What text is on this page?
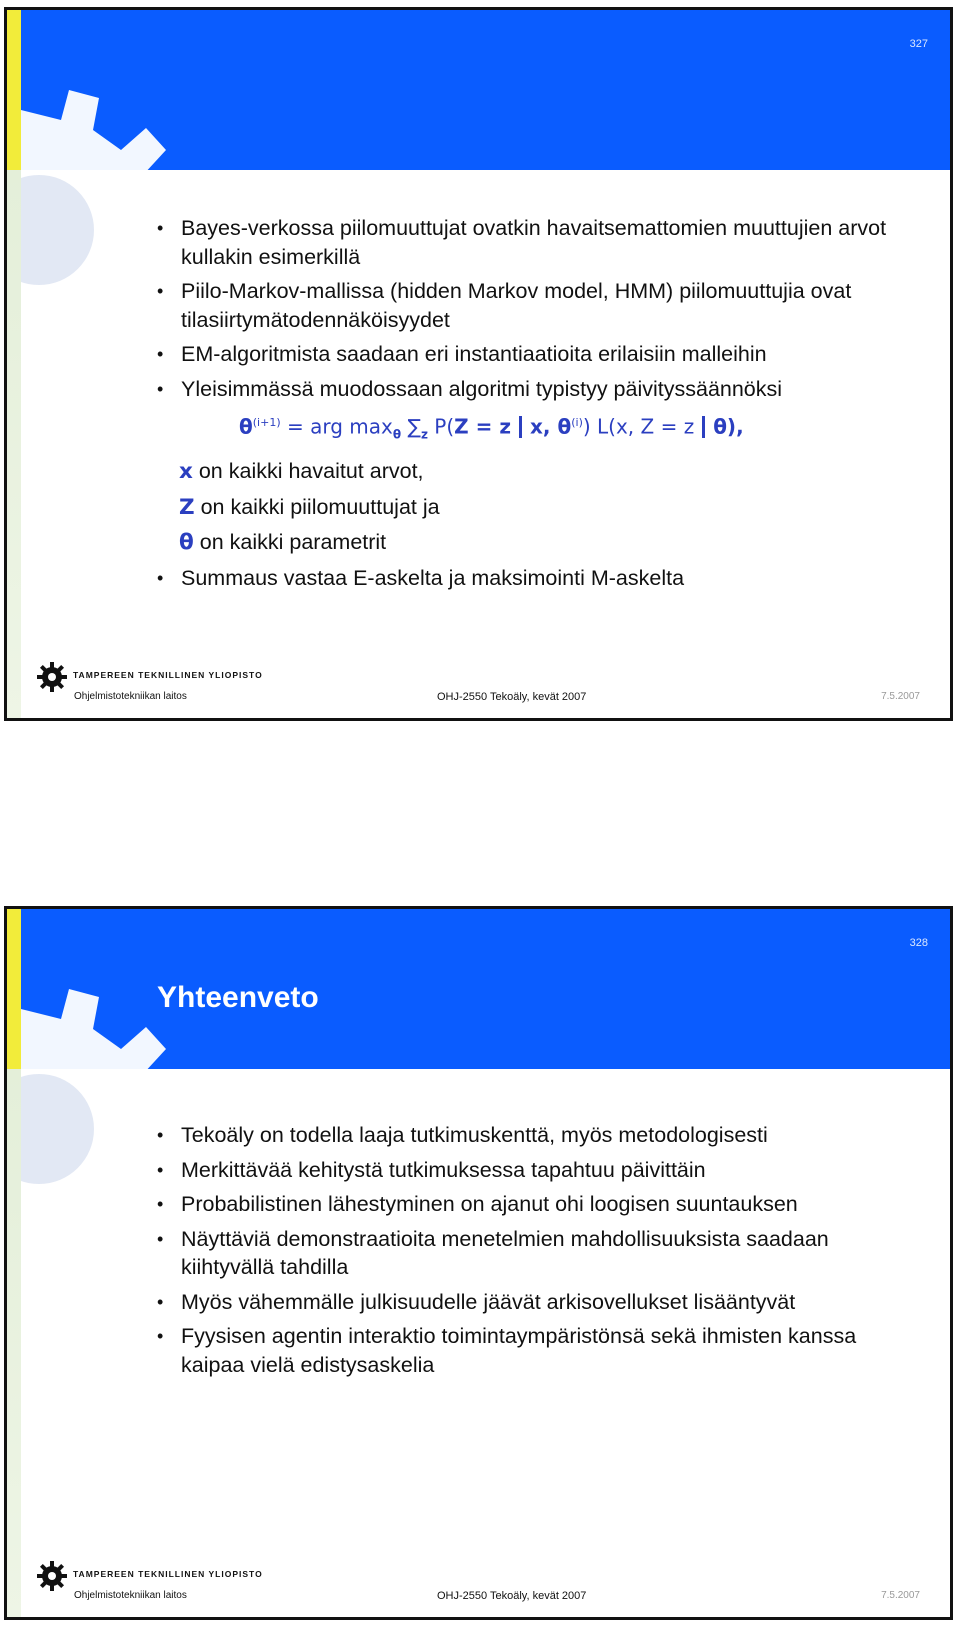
327
• Bayes-verkossa piilomuuttujat ovatkin havaitsemattomien muuttujien arvot kullakin esimerkillä
• Piilo-Markov-mallissa (hidden Markov model, HMM) piilomuuttujia ovat tilasiirtymätodennäköisyydet
• EM-algoritmista saadaan eri instantiaatioita erilaisiin malleihin
• Yleisimmässä muodossaan algoritmi typistyy päivityssäännöksi
$\theta^{(i+1)}$ = arg $\max_\theta \sum_z$ P(Z = z x, $\theta^{(i)}$) L(x, Z = z θ),
x on kaikki havaitut arvot,
Z on kaikki piilomuuttujat ja
θ on kaikki parametrit
• Summaus vastaa E-askelta ja maksimointi M-askelta
TAMPEREEN TEKNILLINEN YLIOPISTO
Ohjelmistotekniikan laitos	OHJ-2550 Tekoäly, kevät 2007	7.5.2007
328
Yhteenveto
• Tekoäly on todella laaja tutkimuskenttä, myös metodologisesti
• Merkittävää kehitystä tutkimuksessa tapahtuu päivittäin
• Probabilistinen lähestyminen on ajanut ohi loogisen suuntauksen
• Näyttäviä demonstraatioita menetelmien mahdollisuuksista saadaan kiihtyvällä tahdilla
• Myös vähemmälle julkisuudelle jäävät arkisovellukset lisääntyvät
• Fyysisen agentin interaktio toimintaympäristönsä sekä ihmisten kanssa kaipaa vielä edistysaskelia
TAMPEREEN TEKNILLINEN YLIOPISTO
Ohjelmistotekniikan laitos	OHJ-2550 Tekoäly, kevät 2007	7.5.2007
